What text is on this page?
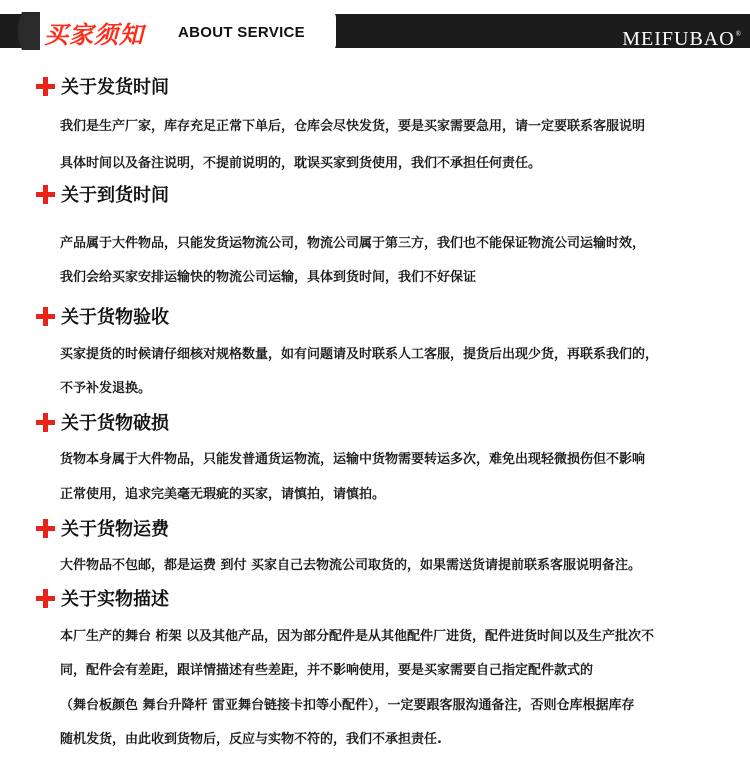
买家须知 ABOUT SERVICE	MEIFUBAO®
关于发货时间
我们是生产厂家，库存充足正常下单后，仓库会尽快发货，要是买家需要急用，请一定要联系客服说明
具体时间以及备注说明，不提前说明的，耽误买家到货使用，我们不承担任何责任。
关于到货时间
产品属于大件物品，只能发货运物流公司，物流公司属于第三方，我们也不能保证物流公司运输时效，
我们会给买家安排运输快的物流公司运输，具体到货时间，我们不好保证
关于货物验收
买家提货的时候请仔细核对规格数量，如有问题请及时联系人工客服，提货后出现少货，再联系我们的，
不予补发退换。
关于货物破损
货物本身属于大件物品，只能发普通货运物流，运输中货物需要转运多次，难免出现轻微损伤但不影响
正常使用，追求完美毫无瑕疵的买家，请慎拍，请慎拍。
关于货物运费
大件物品不包邮，都是运费 到付 买家自己去物流公司取货的，如果需送货请提前联系客服说明备注。
关于实物描述
本厂生产的舞台 桁架 以及其他产品，因为部分配件是从其他配件厂进货，配件进货时间以及生产批次不
同，配件会有差距，跟详情描述有些差距，并不影响使用，要是买家需要自己指定配件款式的
（舞台板颜色 舞台升降杆 雷亚舞台链接卡扣等小配件），一定要跟客服沟通备注，否则仓库根据库存
随机发货，由此收到货物后，反应与实物不符的，我们不承担责任.
